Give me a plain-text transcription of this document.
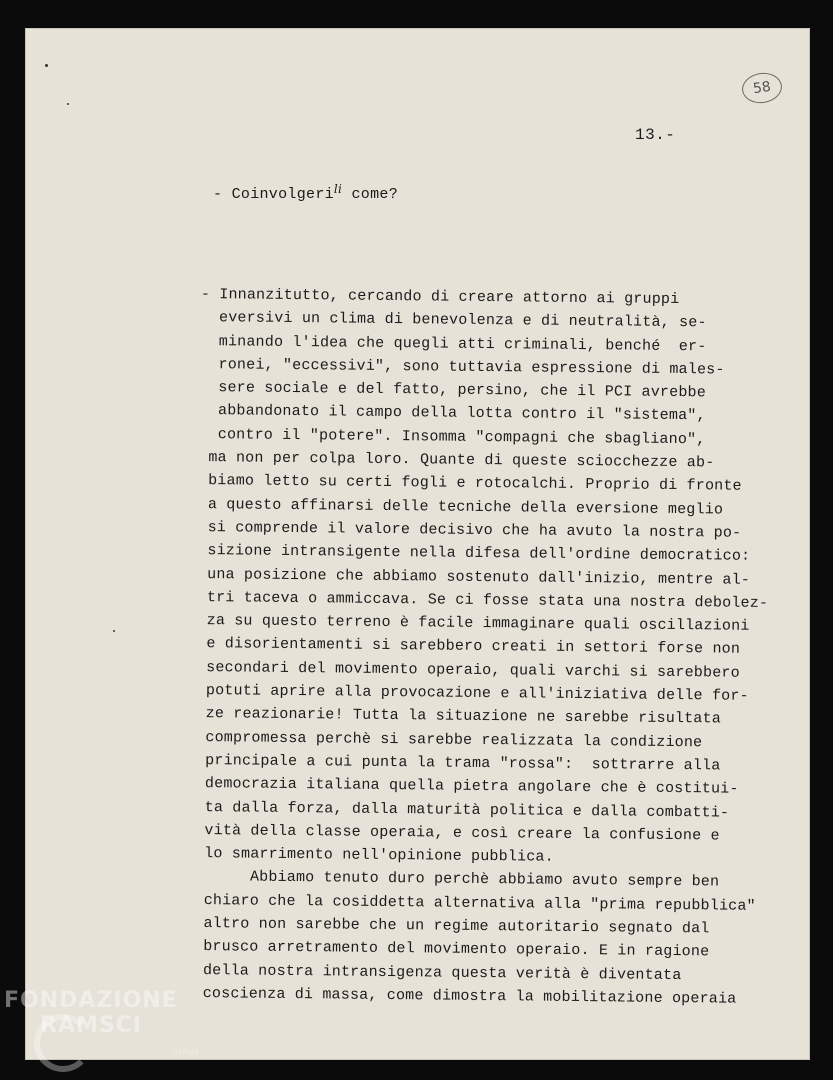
58
13.-
- Coinvolgeri$^{li}$ come?

- Innanzitutto, cercando di creare attorno ai gruppi

eversivi un clima di benevolenza e di neutralità, se-

minando l'idea che quegli atti criminali, benché  er-

ronei, "eccessivi", sono tuttavia espressione di males-

sere sociale e del fatto, persino, che il PCI avrebbe

abbandonato il campo della lotta contro il "sistema",

contro il "potere". Insomma "compagni che sbagliano",

ma non per colpa loro. Quante di queste sciocchezze ab-

biamo letto su certi fogli e rotocalchi. Proprio di fronte

a questo affinarsi delle tecniche della eversione meglio

si comprende il valore decisivo che ha avuto la nostra po-

sizione intransigente nella difesa dell'ordine democratico:

una posizione che abbiamo sostenuto dall'inizio, mentre al-

tri taceva o ammiccava. Se ci fosse stata una nostra debolez-

za su questo terreno è facile immaginare quali oscillazioni

e disorientamenti si sarebbero creati in settori forse non

secondari del movimento operaio, quali varchi si sarebbero

potuti aprire alla provocazione e all'iniziativa delle for-

ze reazionarie! Tutta la situazione ne sarebbe risultata

compromessa perchè si sarebbe realizzata la condizione

principale a cui punta la trama "rossa":  sottrarre alla

democrazia italiana quella pietra angolare che è costitui-

ta dalla forza, dalla maturità politica e dalla combatti-

vità della classe operaia, e così creare la confusione e

lo smarrimento nell'opinione pubblica.

Abbiamo tenuto duro perchè abbiamo avuto sempre ben

chiaro che la cosiddetta alternativa alla "prima repubblica"

altro non sarebbe che un regime autoritario segnato dal

brusco arretramento del movimento operaio. E in ragione

della nostra intransigenza questa verità è diventata

coscienza di massa, come dimostra la mobilitazione operaia

FONDAZIONE
RAMSCI
onlus
